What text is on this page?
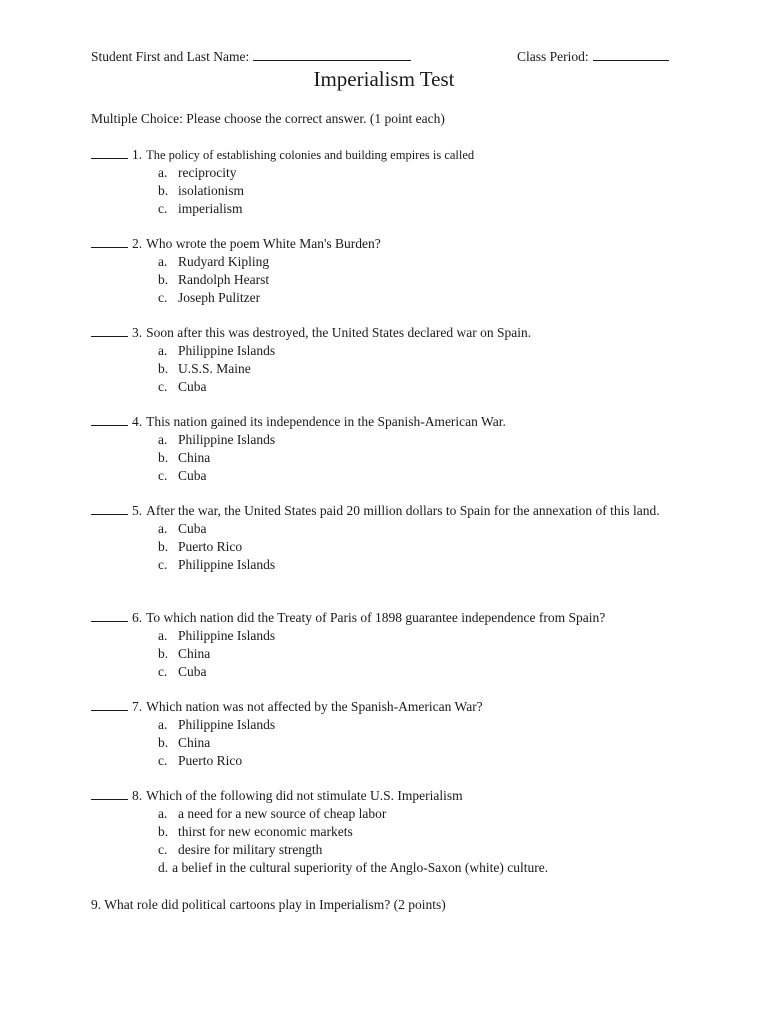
Student First and Last Name:	Class Period:
Imperialism Test
Multiple Choice: Please choose the correct answer. (1 point each)
1. The policy of establishing colonies and building empires is called
a. reciprocity
b. isolationism
c. imperialism
2. Who wrote the poem White Man's Burden?
a. Rudyard Kipling
b. Randolph Hearst
c. Joseph Pulitzer
3. Soon after this was destroyed, the United States declared war on Spain.
a. Philippine Islands
b. U.S.S. Maine
c. Cuba
4. This nation gained its independence in the Spanish-American War.
a. Philippine Islands
b. China
c. Cuba
5. After the war, the United States paid 20 million dollars to Spain for the annexation of this land.
a. Cuba
b. Puerto Rico
c. Philippine Islands
6. To which nation did the Treaty of Paris of 1898 guarantee independence from Spain?
a. Philippine Islands
b. China
c. Cuba
7. Which nation was not affected by the Spanish-American War?
a. Philippine Islands
b. China
c. Puerto Rico
8. Which of the following did not stimulate U.S. Imperialism
a. a need for a new source of cheap labor
b. thirst for new economic markets
c. desire for military strength
d. a belief in the cultural superiority of the Anglo-Saxon (white) culture.
9. What role did political cartoons play in Imperialism? (2 points)
